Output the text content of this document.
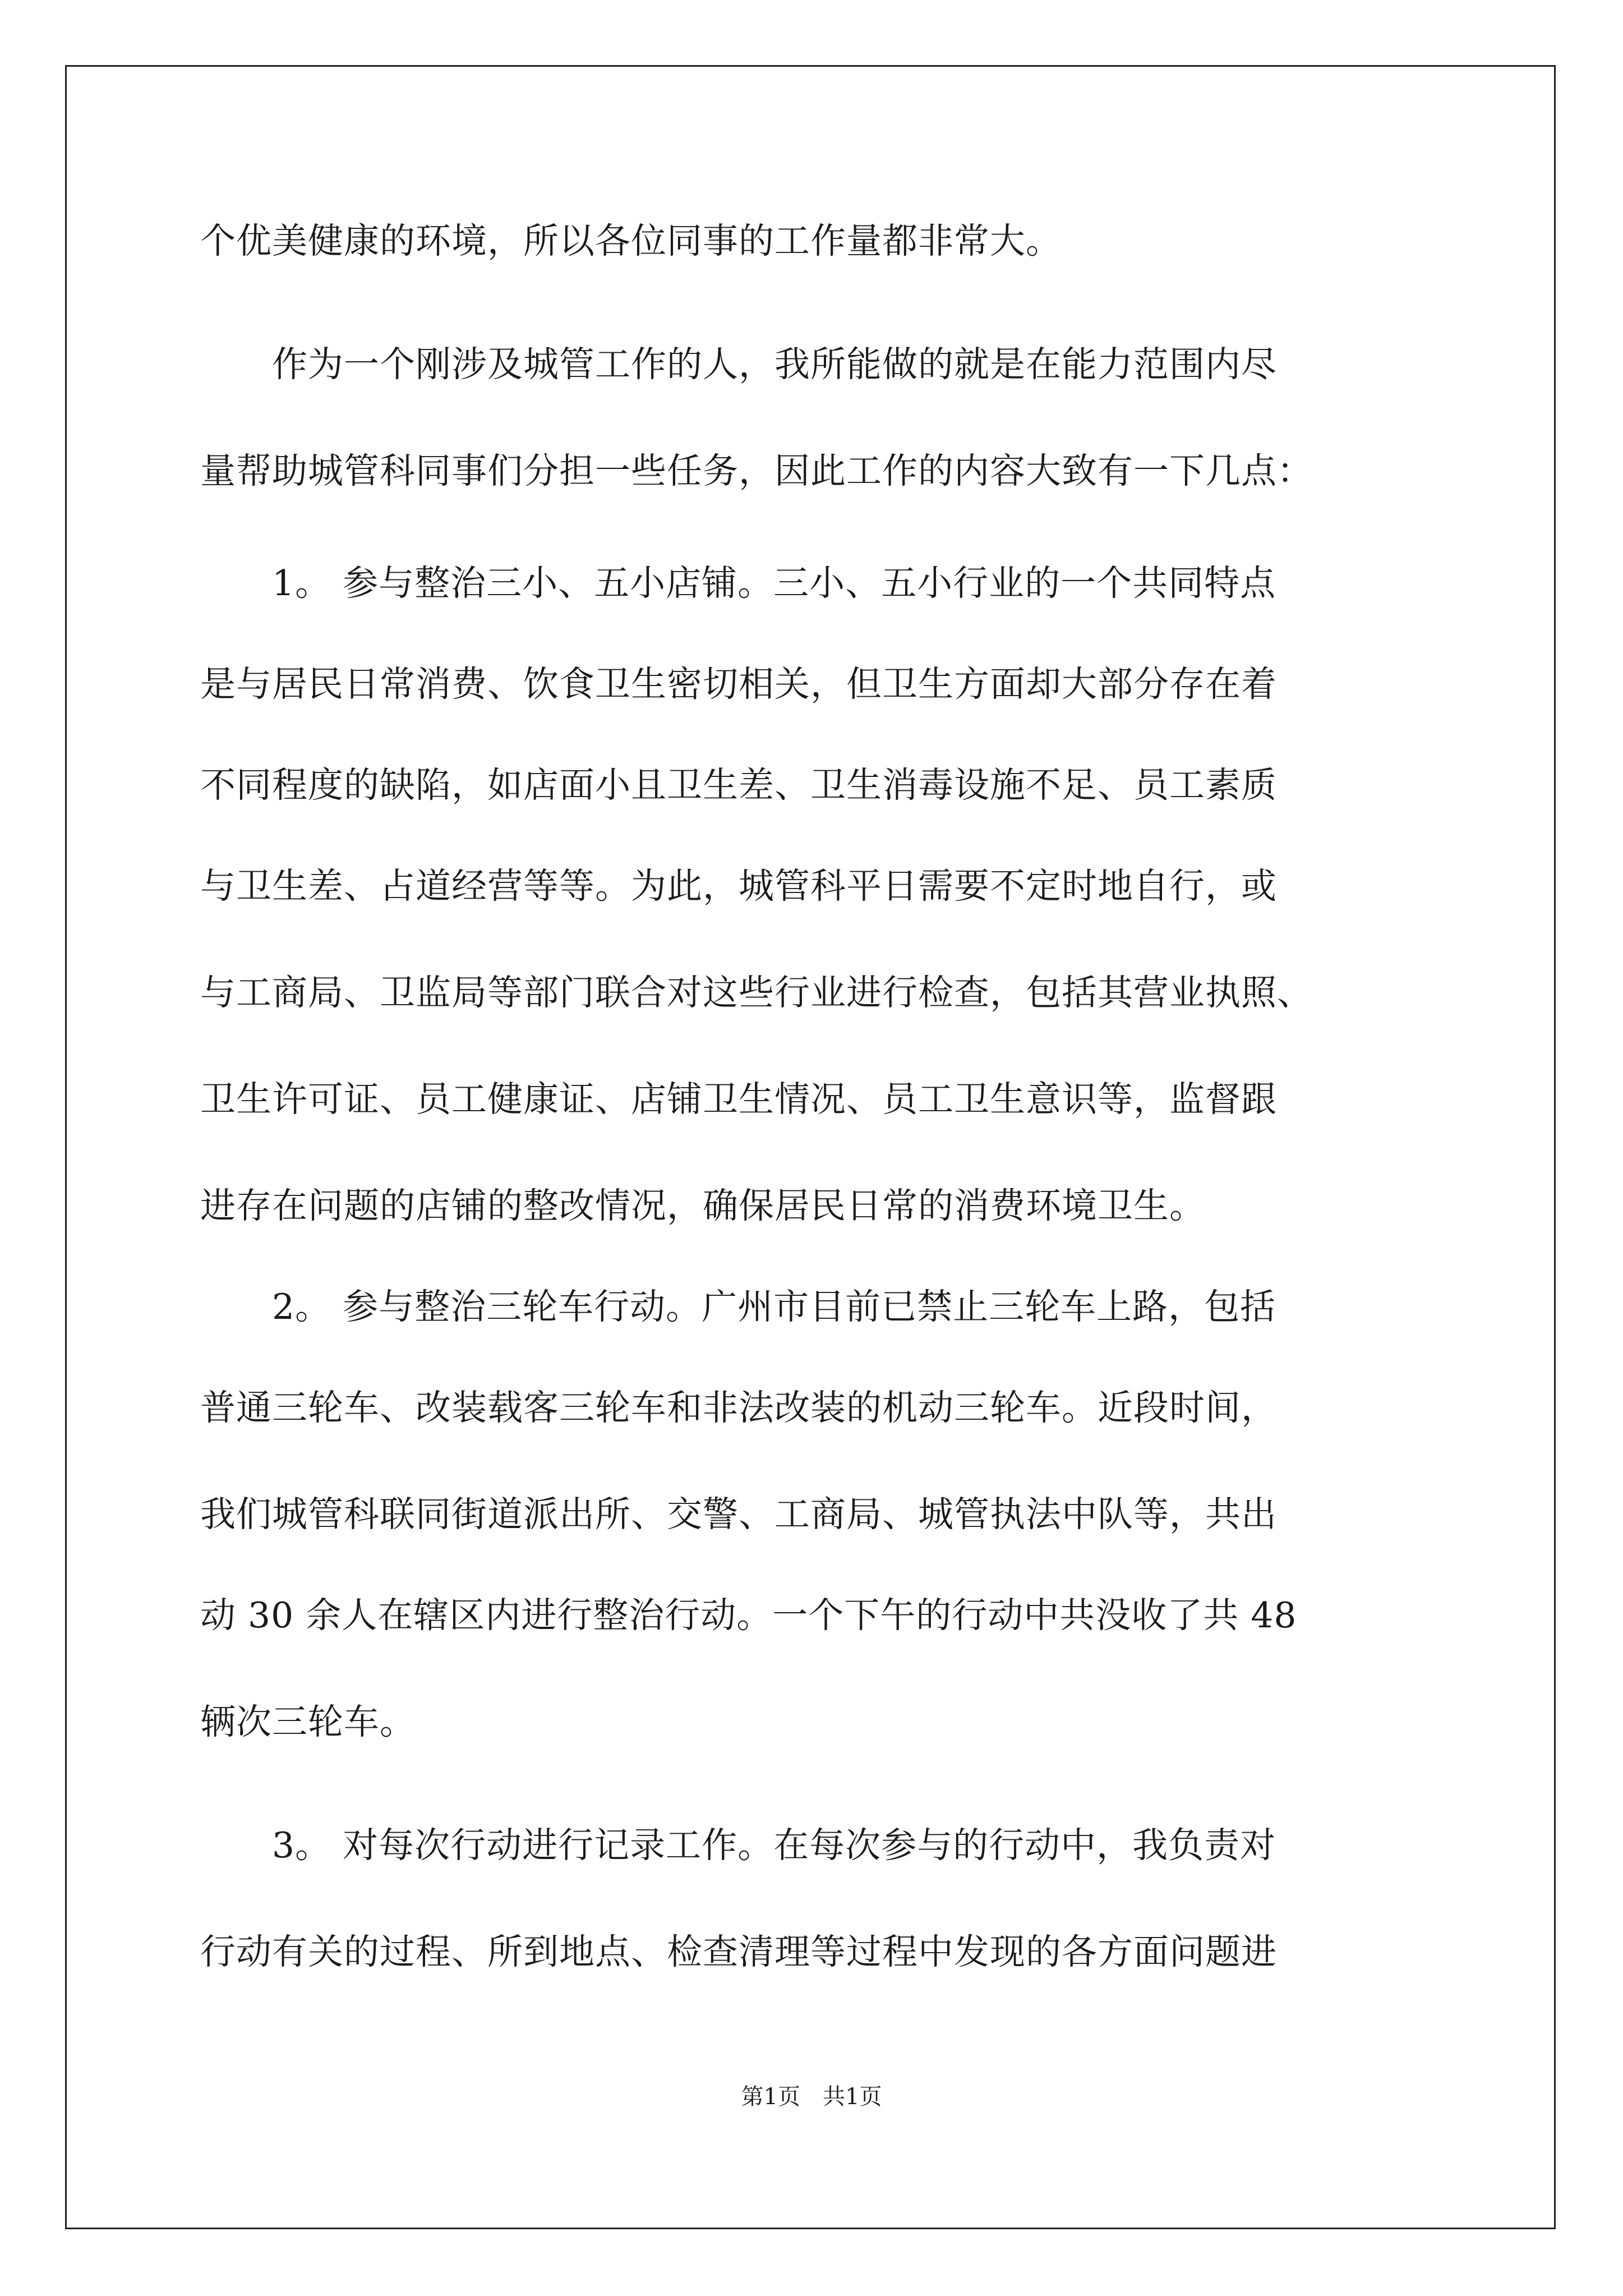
个优美健康的环境，所以各位同事的工作量都非常大。
　　作为一个刚涉及城管工作的人，我所能做的就是在能力范围内尽
量帮助城管科同事们分担一些任务，因此工作的内容大致有一下几点：
　　1。 参与整治三小、五小店铺。三小、五小行业的一个共同特点
是与居民日常消费、饮食卫生密切相关，但卫生方面却大部分存在着
不同程度的缺陷，如店面小且卫生差、卫生消毒设施不足、员工素质
与卫生差、占道经营等等。为此，城管科平日需要不定时地自行，或
与工商局、卫监局等部门联合对这些行业进行检查，包括其营业执照、
卫生许可证、员工健康证、店铺卫生情况、员工卫生意识等，监督跟
进存在问题的店铺的整改情况，确保居民日常的消费环境卫生。
　　2。 参与整治三轮车行动。广州市目前已禁止三轮车上路，包括
普通三轮车、改装载客三轮车和非法改装的机动三轮车。近段时间，
我们城管科联同街道派出所、交警、工商局、城管执法中队等，共出
动 30 余人在辖区内进行整治行动。一个下午的行动中共没收了共 48
辆次三轮车。
　　3。 对每次行动进行记录工作。在每次参与的行动中，我负责对
行动有关的过程、所到地点、检查清理等过程中发现的各方面问题进
第1页　共1页
